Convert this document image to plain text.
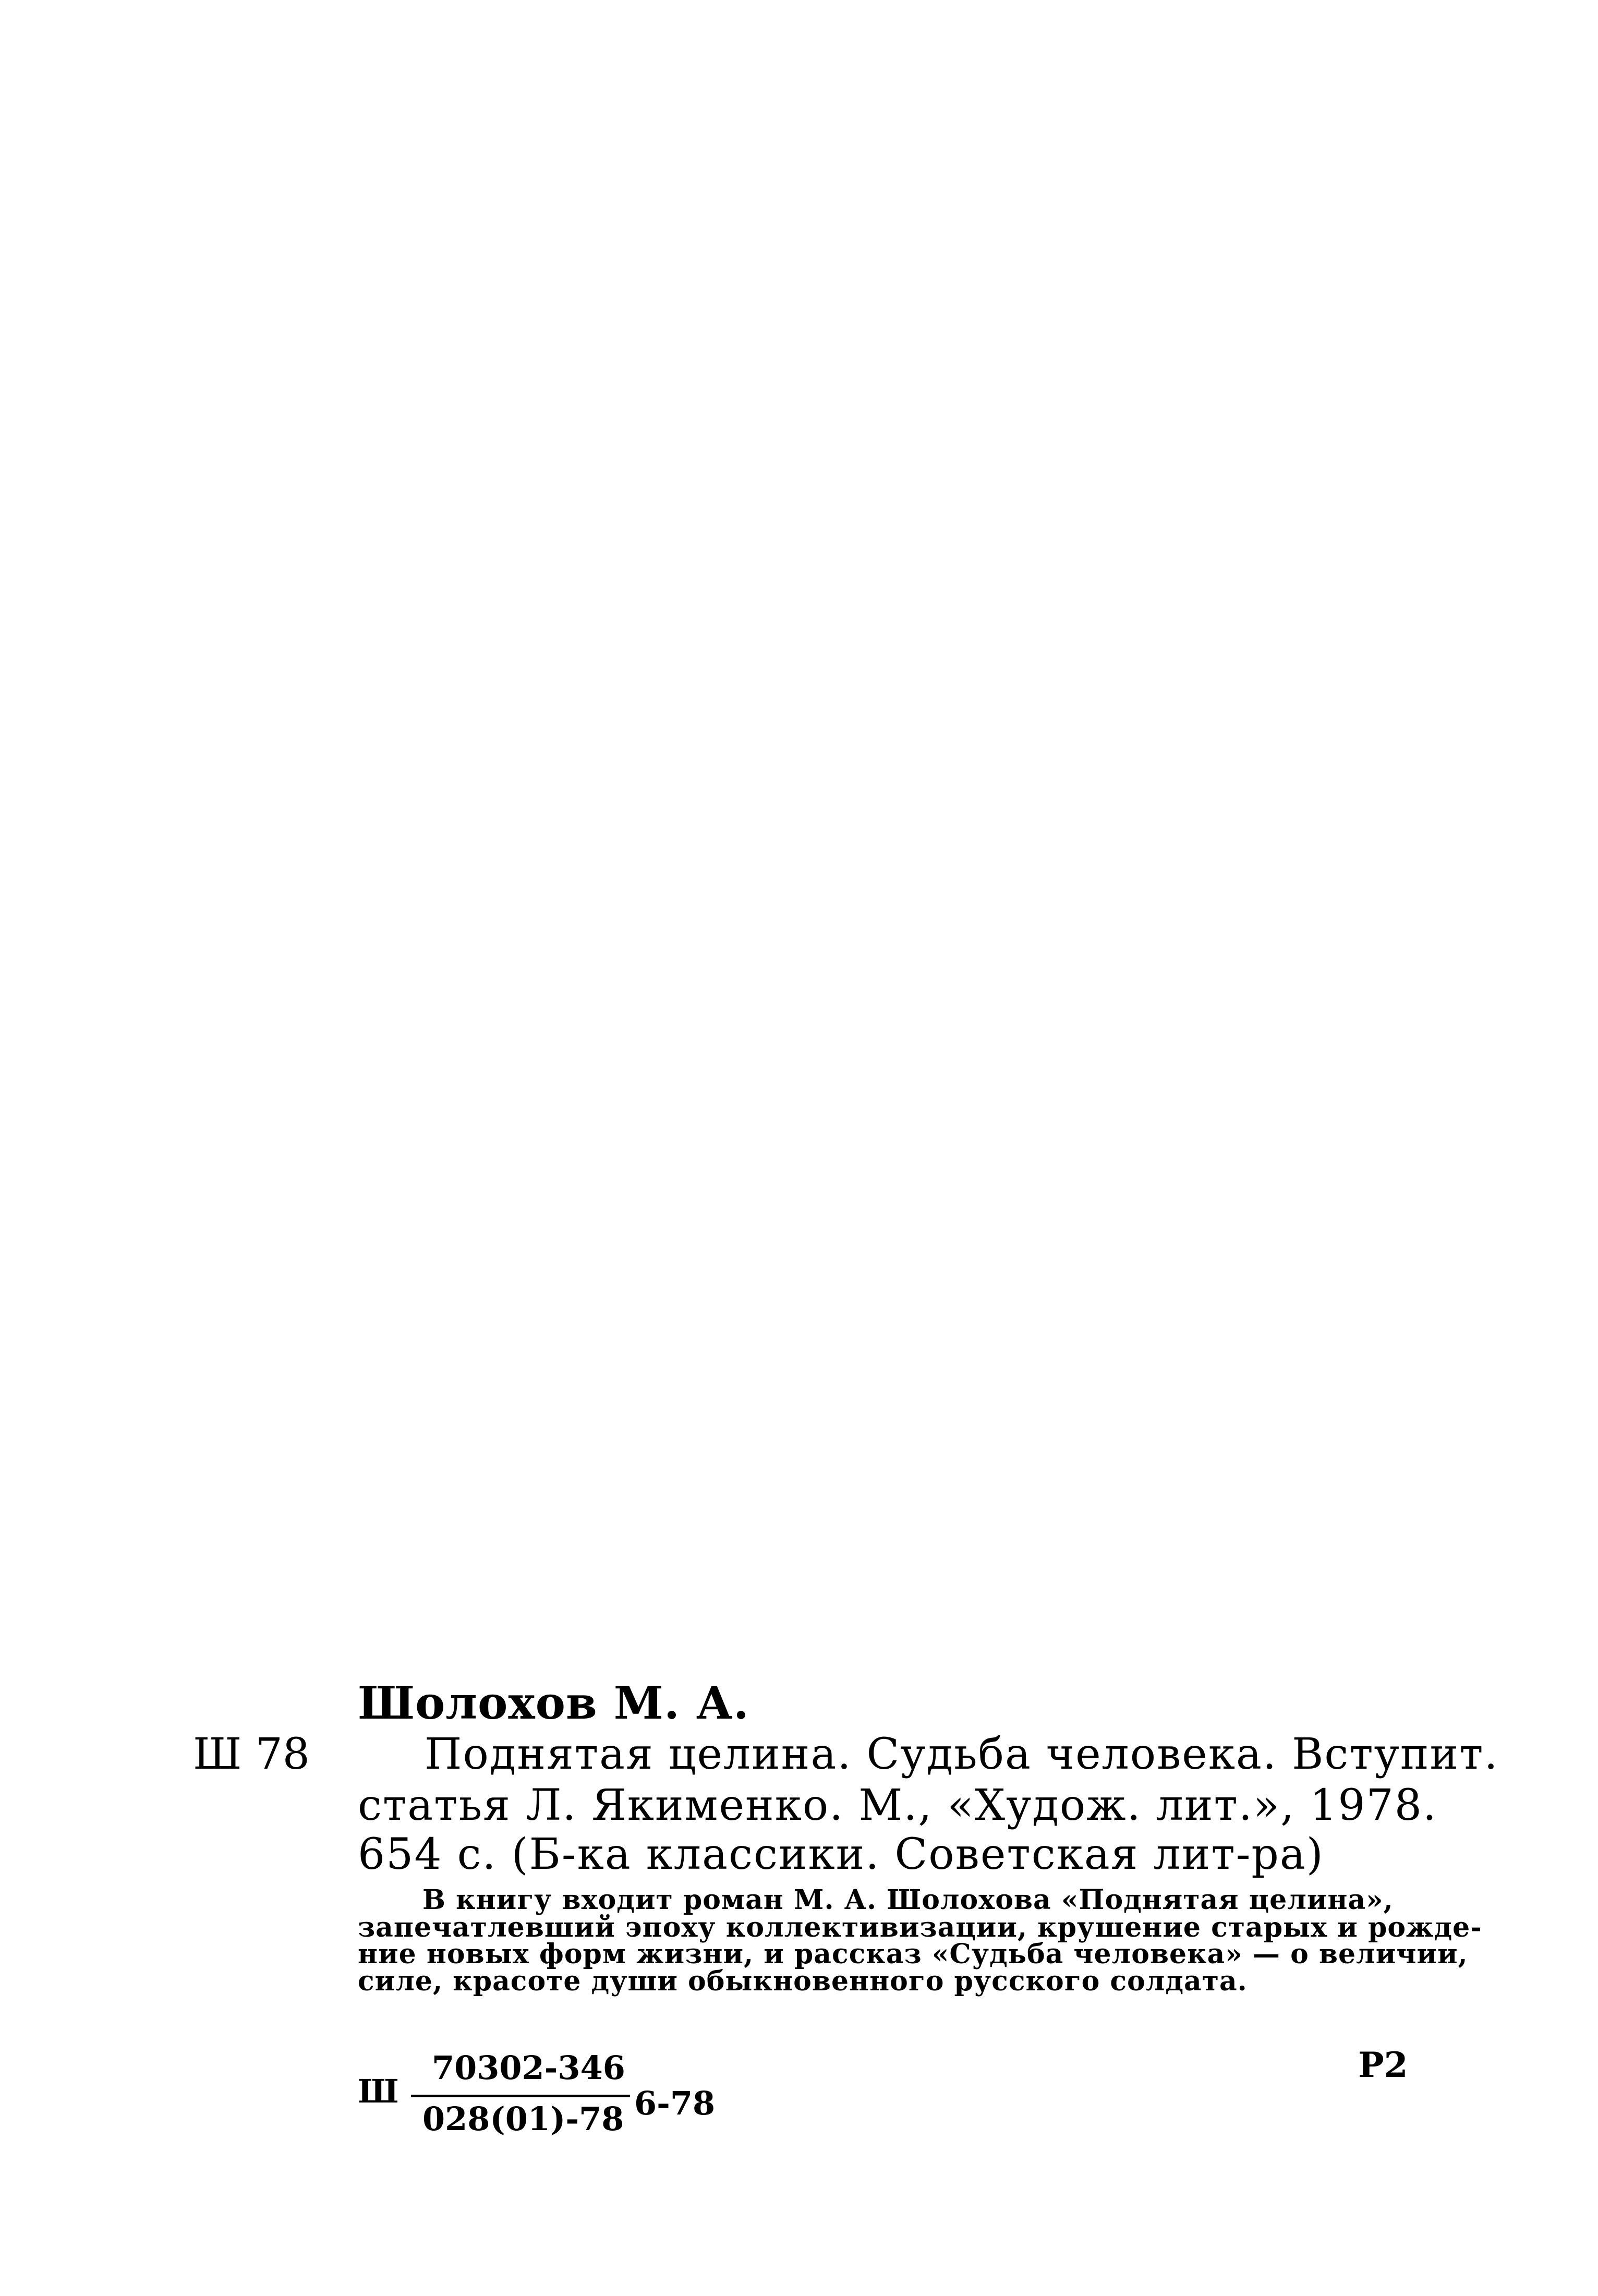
Шолохов М. А.
Ш 78	Поднятая целина. Судьба человека. Вступит.
статья Л. Якименко. М., «Худож. лит.», 1978.
654 с. (Б-ка классики. Советская лит-ра)
В книгу входит роман М. А. Шолохова «Поднятая целина»,
запечатлевший эпоху коллективизации, крушение старых и рожде-
ние новых форм жизни, и рассказ «Судьба человека» — о величии,
силе, красоте души обыкновенного русского солдата.
Ш
70302-346
028(01)-78 6-78
Р2
